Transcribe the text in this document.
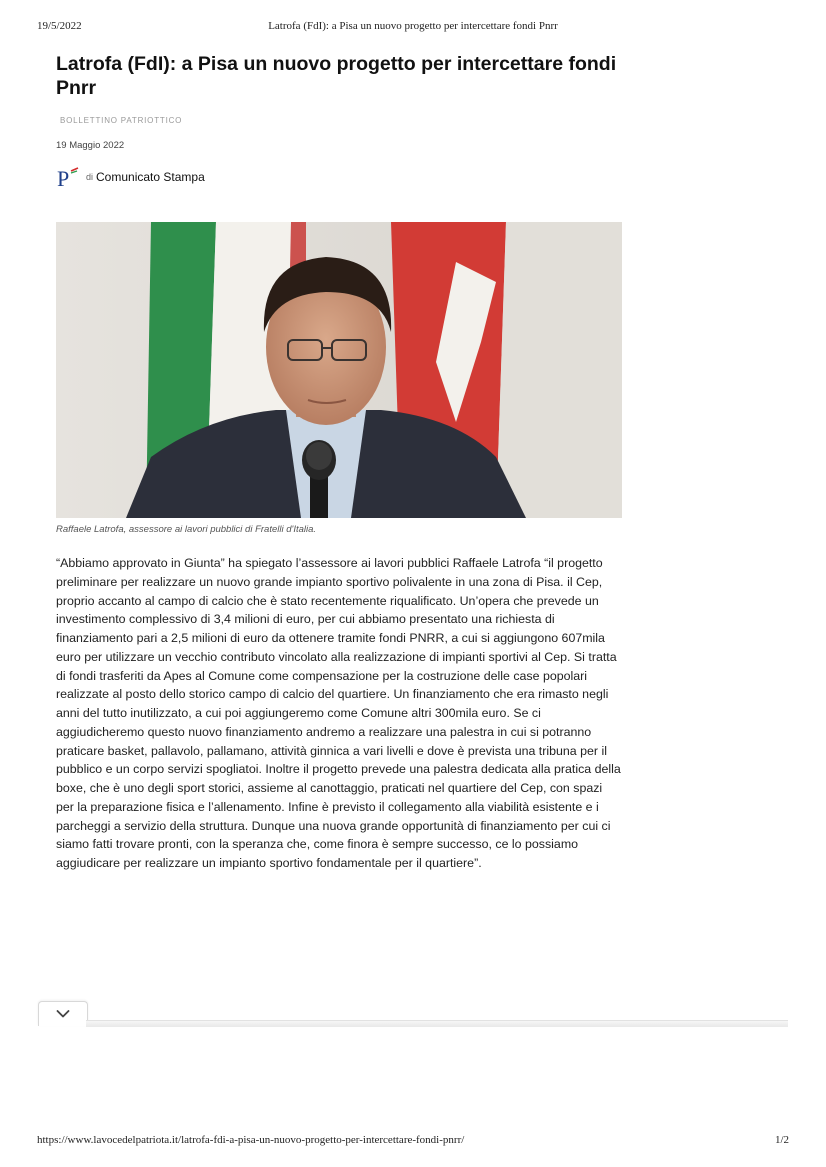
19/5/2022	Latrofa (FdI): a Pisa un nuovo progetto per intercettare fondi Pnrr
Latrofa (FdI): a Pisa un nuovo progetto per intercettare fondi Pnrr
BOLLETTINO PATRIOTTICO
19 Maggio 2022
P di Comunicato Stampa
Raffaele Latrofa, assessore ai lavori pubblici di Fratelli d'Italia.

“Abbiamo approvato in Giunta” ha spiegato l’assessore ai lavori pubblici Raffaele Latrofa “il progetto preliminare per realizzare un nuovo grande impianto sportivo polivalente in una zona di Pisa. il Cep, proprio accanto al campo di calcio che è stato recentemente riqualificato. Un’opera che prevede un investimento complessivo di 3,4 milioni di euro, per cui abbiamo presentato una richiesta di finanziamento pari a 2,5 milioni di euro da ottenere tramite fondi PNRR, a cui si aggiungono 607mila euro per utilizzare un vecchio contributo vincolato alla realizzazione di impianti sportivi al Cep. Si tratta di fondi trasferiti da Apes al Comune come compensazione per la costruzione delle case popolari realizzate al posto dello storico campo di calcio del quartiere. Un finanziamento che era rimasto negli anni del tutto inutilizzato, a cui poi aggiungeremo come Comune altri 300mila euro. Se ci aggiudicheremo questo nuovo finanziamento andremo a realizzare una palestra in cui si potranno praticare basket, pallavolo, pallamano, attività ginnica a vari livelli e dove è prevista una tribuna per il pubblico e un corpo servizi spogliatoi. Inoltre il progetto prevede una palestra dedicata alla pratica della boxe, che è uno degli sport storici, assieme al canottaggio, praticati nel quartiere del Cep, con spazi per la preparazione fisica e l’allenamento. Infine è previsto il collegamento alla viabilità esistente e i parcheggi a servizio della struttura. Dunque una nuova grande opportunità di finanziamento per cui ci siamo fatti trovare pronti, con la speranza che, come finora è sempre successo, ce lo possiamo aggiudicare per realizzare un impianto sportivo fondamentale per il quartiere”.

https://www.lavocedelpatriota.it/latrofa-fdi-a-pisa-un-nuovo-progetto-per-intercettare-fondi-pnrr/	1/2
